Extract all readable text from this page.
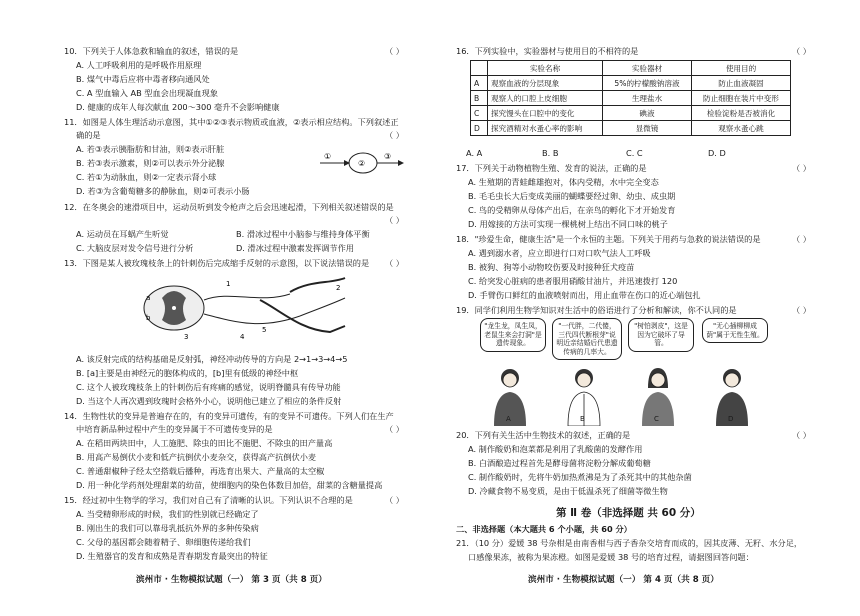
10．下列关于人体急救和输血的叙述，错误的是	（ ）
A. 人工呼吸利用的是呼吸作用原理
B. 煤气中毒后应将中毒者移向通风处
C. A 型血输入 AB 型血会出现凝血现象
D. 健康的成年人每次献血 200～300 毫升不会影响健康
11．如图是人体生理活动示意图，其中①②③表示物质或血液，②表示相应结构。下列叙述正
确的是	（ ）
A. 若③表示胰脂肪和甘油，则②表示肝脏
B. 若③表示激素，则②可以表示外分泌腺
C. 若①为动脉血，则②一定表示肾小球
D. 若③为含葡萄糖多的静脉血，则②可表示小肠
①
②
③
12．在冬奥会的速滑项目中，运动员听到发令枪声之后会迅速起滑，下列相关叙述错误的是
（ ）
A. 运动员在耳蜗产生听觉	B. 滑冰过程中小脑参与维持身体平衡
C. 大脑皮层对发令信号进行分析	D. 滑冰过程中激素发挥调节作用
13．下图是某人被玫瑰枝条上的针刺伤后完成缩手反射的示意图，以下说法错误的是 （ ）
1	2
3	4
5
a
b
A. 该反射完成的结构基础是反射弧，神经冲动传导的方向是 2→1→3→4→5
B. [a]主要是由神经元的胞体构成的，[b]里有低级的神经中枢
C. 这个人被玫瑰枝条上的针刺伤后有疼痛的感觉，说明脊髓具有传导功能
D. 当这个人再次遇到玫瑰时会格外小心，说明他已建立了相应的条件反射
14．生物性状的变异是普遍存在的，有的变异可遗传，有的变异不可遗传。下列人们在生产
中培育新品种过程中产生的变异属于不可遗传变异的是	（ ）
A. 在稻田两块田中，人工施肥、除虫的田比不施肥、不除虫的田产量高
B. 用高产易倒伏小麦和低产抗倒伏小麦杂交，获得高产抗倒伏小麦
C. 普通甜椒种子经太空搭载后播种，再选育出果大、产量高的太空椒
D. 用一种化学药剂处理甜菜的幼苗，使细胞内的染色体数目加倍，甜菜的含糖量提高
15．经过初中生物学的学习，我们对自己有了清晰的认识。下列认识不合理的是	（ ）
A. 当受精卵形成的时候，我们的性别就已经确定了
B. 刚出生的我们可以靠母乳抵抗外界的多种传染病
C. 父母的基因都会随着精子、卵细胞传递给我们
D. 生殖器官的发育和成熟是青春期发育最突出的特征
滨州市 · 生物模拟试题（一） 第 3 页（共 8 页）
16．下列实验中，实验器材与使用目的不相符的是	（ ）
	实验名称	实验器材	使用目的
A	观察血液的分层现象	5%的柠檬酸钠溶液	防止血液凝固
B	观察人的口腔上皮细胞	生理盐水	防止细胞在装片中变形
C	探究馒头在口腔中的变化	碘液	检验淀粉是否被消化
D	探究酒精对水蚤心率的影响	显微镜	观察水蚤心跳
A. A	B. B	C. C	D. D
17．下列关于动物植物生殖、发育的说法，正确的是	（ ）
A. 生殖期的青蛙雌雄抱对，体内受精，水中完全变态
B. 毛毛虫长大后变成美丽的蝴蝶要经过卵、幼虫、成虫期
C. 鸟的受精卵从母体产出后，在亲鸟的孵化下才开始发育
D. 用嫁接的方法可实现一棵桃树上结出不同口味的桃子
18．"珍爱生命，健康生活"是一个永恒的主题。下列关于用药与急救的说法错误的是	（ ）
A. 遇到溺水者，应立即进行口对口吹气法人工呼吸
B. 被狗、狗等小动物咬伤要及时接种狂犬疫苗
C. 给突发心脏病的患者服用硝酸甘油片，并迅速拨打 120
D. 手臂伤口鲜红的血液喷射而出，用止血带在伤口的近心端包扎
19．同学们利用生物学知识对生活中的俗语进行了分析和解读，你不认同的是	（ ）
"龙生龙，凤生凤，老鼠生来会打洞"是遗传现象。
"一代胖，二代傻，三代四代断根芽"说明近亲结婚后代患遗传病的几率大。
"树怕剥皮"，这是因为它破坏了导管。
"无心插柳柳成荫"属于无性生殖。
A	B	C	D
20．下列有关生活中生物技术的叙述，正确的是	（ ）
A. 制作酸奶和泡菜都是利用了乳酸菌的发酵作用
B. 白酒酿造过程首先是酵母菌将淀粉分解成葡萄糖
C. 制作酸奶时，先将牛奶加热煮沸是为了杀死其中的其他杂菌
D. 冷藏食物不易变质，是由于低温杀死了细菌等微生物
第 Ⅱ 卷（非选择题 共 60 分）
二、非选择题（本大题共 6 个小题，共 60 分）
21．（10 分）爱媛 38 号杂柑是由南香柑与西子香杂交培育而成的，因其皮薄、无籽、水分足，
口感像果冻，被称为果冻橙。如图是爱媛 38 号的培育过程，请据图回答问题：
滨州市 · 生物模拟试题（一） 第 4 页（共 8 页）
